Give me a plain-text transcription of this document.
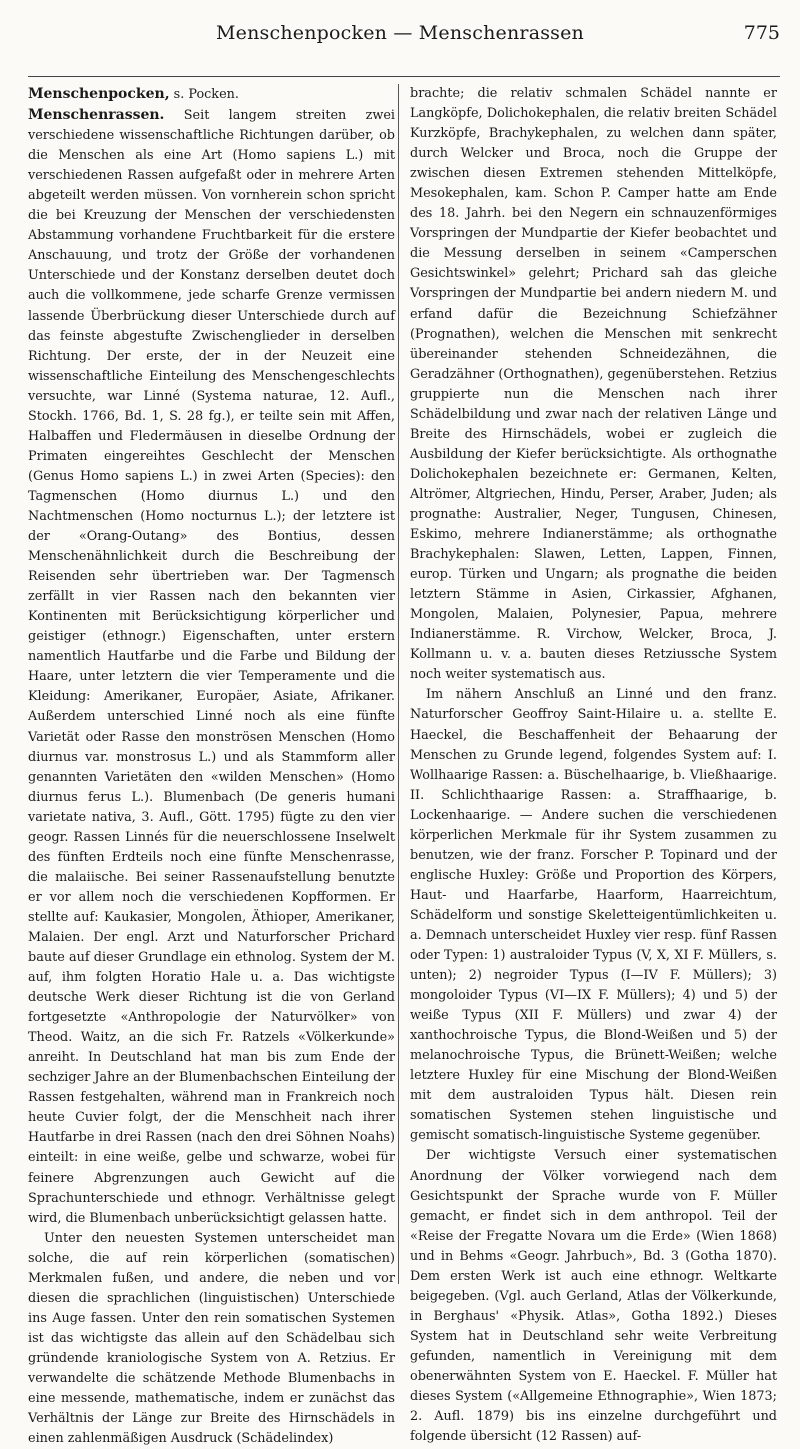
Menschenpocken — Menschenrassen	775

Menschenpocken, s. Pocken.

Menschenrassen. Seit langem streiten zwei verschiedene wissenschaftliche Richtungen darüber, ob die Menschen als eine Art (Homo sapiens L.) mit verschiedenen Rassen aufgefaßt oder in mehrere Arten abgeteilt werden müssen. Von vornherein schon spricht die bei Kreuzung der Menschen der verschiedensten Abstammung vorhandene Fruchtbarkeit für die erstere Anschauung, und trotz der Größe der vorhandenen Unterschiede und der Konstanz derselben deutet doch auch die vollkommene, jede scharfe Grenze vermissen lassende Überbrückung dieser Unterschiede durch auf das feinste abgestufte Zwischenglieder in derselben Richtung. Der erste, der in der Neuzeit eine wissenschaftliche Einteilung des Menschengeschlechts versuchte, war Linné (Systema naturae, 12. Aufl., Stockh. 1766, Bd. 1, S. 28 fg.), er teilte sein mit Affen, Halbaffen und Fledermäusen in dieselbe Ordnung der Primaten eingereihtes Geschlecht der Menschen (Genus Homo sapiens L.) in zwei Arten (Species): den Tagmenschen (Homo diurnus L.) und den Nachtmenschen (Homo nocturnus L.); der letztere ist der «Orang-Outang» des Bontius, dessen Menschenähnlichkeit durch die Beschreibung der Reisenden sehr übertrieben war. Der Tagmensch zerfällt in vier Rassen nach den bekannten vier Kontinenten mit Berücksichtigung körperlicher und geistiger (ethnogr.) Eigenschaften, unter erstern namentlich Hautfarbe und die Farbe und Bildung der Haare, unter letztern die vier Temperamente und die Kleidung: Amerikaner, Europäer, Asiate, Afrikaner. Außerdem unterschied Linné noch als eine fünfte Varietät oder Rasse den monströsen Menschen (Homo diurnus var. monstrosus L.) und als Stammform aller genannten Varietäten den «wilden Menschen» (Homo diurnus ferus L.). Blumenbach (De generis humani varietate nativa, 3. Aufl., Gött. 1795) fügte zu den vier geogr. Rassen Linnés für die neuerschlossene Inselwelt des fünften Erdteils noch eine fünfte Menschenrasse, die malaiische. Bei seiner Rassenaufstellung benutzte er vor allem noch die verschiedenen Kopfformen. Er stellte auf: Kaukasier, Mongolen, Äthioper, Amerikaner, Malaien. Der engl. Arzt und Naturforscher Prichard baute auf dieser Grundlage ein ethnolog. System der M. auf, ihm folgten Horatio Hale u. a. Das wichtigste deutsche Werk dieser Richtung ist die von Gerland fortgesetzte «Anthropologie der Naturvölker» von Theod. Waitz, an die sich Fr. Ratzels «Völkerkunde» anreiht. In Deutschland hat man bis zum Ende der sechziger Jahre an der Blumenbachschen Einteilung der Rassen festgehalten, während man in Frankreich noch heute Cuvier folgt, der die Menschheit nach ihrer Hautfarbe in drei Rassen (nach den drei Söhnen Noahs) einteilt: in eine weiße, gelbe und schwarze, wobei für feinere Abgrenzungen auch Gewicht auf die Sprachunterschiede und ethnogr. Verhältnisse gelegt wird, die Blumenbach unberücksichtigt gelassen hatte.

Unter den neuesten Systemen unterscheidet man solche, die auf rein körperlichen (somatischen) Merkmalen fußen, und andere, die neben und vor diesen die sprachlichen (linguistischen) Unterschiede ins Auge fassen. Unter den rein somatischen Systemen ist das wichtigste das allein auf den Schädelbau sich gründende kraniologische System von A. Retzius. Er verwandelte die schätzende Methode Blumenbachs in eine messende, mathematische, indem er zunächst das Verhältnis der Länge zur Breite des Hirnschädels in einen zahlenmäßigen Ausdruck (Schädelindex)

brachte; die relativ schmalen Schädel nannte er Langköpfe, Dolichokephalen, die relativ breiten Schädel Kurzköpfe, Brachykephalen, zu welchen dann später, durch Welcker und Broca, noch die Gruppe der zwischen diesen Extremen stehenden Mittelköpfe, Mesokephalen, kam. Schon P. Camper hatte am Ende des 18. Jahrh. bei den Negern ein schnauzenförmiges Vorspringen der Mundpartie der Kiefer beobachtet und die Messung derselben in seinem «Camperschen Gesichtswinkel» gelehrt; Prichard sah das gleiche Vorspringen der Mundpartie bei andern niedern M. und erfand dafür die Bezeichnung Schiefzähner (Prognathen), welchen die Menschen mit senkrecht übereinander stehenden Schneidezähnen, die Geradzähner (Orthognathen), gegenüberstehen. Retzius gruppierte nun die Menschen nach ihrer Schädelbildung und zwar nach der relativen Länge und Breite des Hirnschädels, wobei er zugleich die Ausbildung der Kiefer berücksichtigte. Als orthognathe Dolichokephalen bezeichnete er: Germanen, Kelten, Altrömer, Altgriechen, Hindu, Perser, Araber, Juden; als prognathe: Australier, Neger, Tungusen, Chinesen, Eskimo, mehrere Indianerstämme; als orthognathe Brachykephalen: Slawen, Letten, Lappen, Finnen, europ. Türken und Ungarn; als prognathe die beiden letztern Stämme in Asien, Cirkassier, Afghanen, Mongolen, Malaien, Polynesier, Papua, mehrere Indianerstämme. R. Virchow, Welcker, Broca, J. Kollmann u. v. a. bauten dieses Retziussche System noch weiter systematisch aus.

Im nähern Anschluß an Linné und den franz. Naturforscher Geoffroy Saint-Hilaire u. a. stellte E. Haeckel, die Beschaffenheit der Behaarung der Menschen zu Grunde legend, folgendes System auf: I. Wollhaarige Rassen: a. Büschelhaarige, b. Vließhaarige. II. Schlichthaarige Rassen: a. Straffhaarige, b. Lockenhaarige. — Andere suchen die verschiedenen körperlichen Merkmale für ihr System zusammen zu benutzen, wie der franz. Forscher P. Topinard und der englische Huxley: Größe und Proportion des Körpers, Haut- und Haarfarbe, Haarform, Haarreichtum, Schädelform und sonstige Skeletteigentümlichkeiten u. a. Demnach unterscheidet Huxley vier resp. fünf Rassen oder Typen: 1) australoider Typus (V, X, XI F. Müllers, s. unten); 2) negroider Typus (I—IV F. Müllers); 3) mongoloider Typus (VI—IX F. Müllers); 4) und 5) der weiße Typus (XII F. Müllers) und zwar 4) der xanthochroische Typus, die Blond-Weißen und 5) der melanochroische Typus, die Brünett-Weißen; welche letztere Huxley für eine Mischung der Blond-Weißen mit dem australoiden Typus hält. Diesen rein somatischen Systemen stehen linguistische und gemischt somatisch-linguistische Systeme gegenüber.

Der wichtigste Versuch einer systematischen Anordnung der Völker vorwiegend nach dem Gesichtspunkt der Sprache wurde von F. Müller gemacht, er findet sich in dem anthropol. Teil der «Reise der Fregatte Novara um die Erde» (Wien 1868) und in Behms «Geogr. Jahrbuch», Bd. 3 (Gotha 1870). Dem ersten Werk ist auch eine ethnogr. Weltkarte beigegeben. (Vgl. auch Gerland, Atlas der Völkerkunde, in Berghaus' «Physik. Atlas», Gotha 1892.) Dieses System hat in Deutschland sehr weite Verbreitung gefunden, namentlich in Vereinigung mit dem obenerwähnten System von E. Haeckel. F. Müller hat dieses System («Allgemeine Ethnographie», Wien 1873; 2. Aufl. 1879) bis ins einzelne durchgeführt und folgende übersicht (12 Rassen) auf-
